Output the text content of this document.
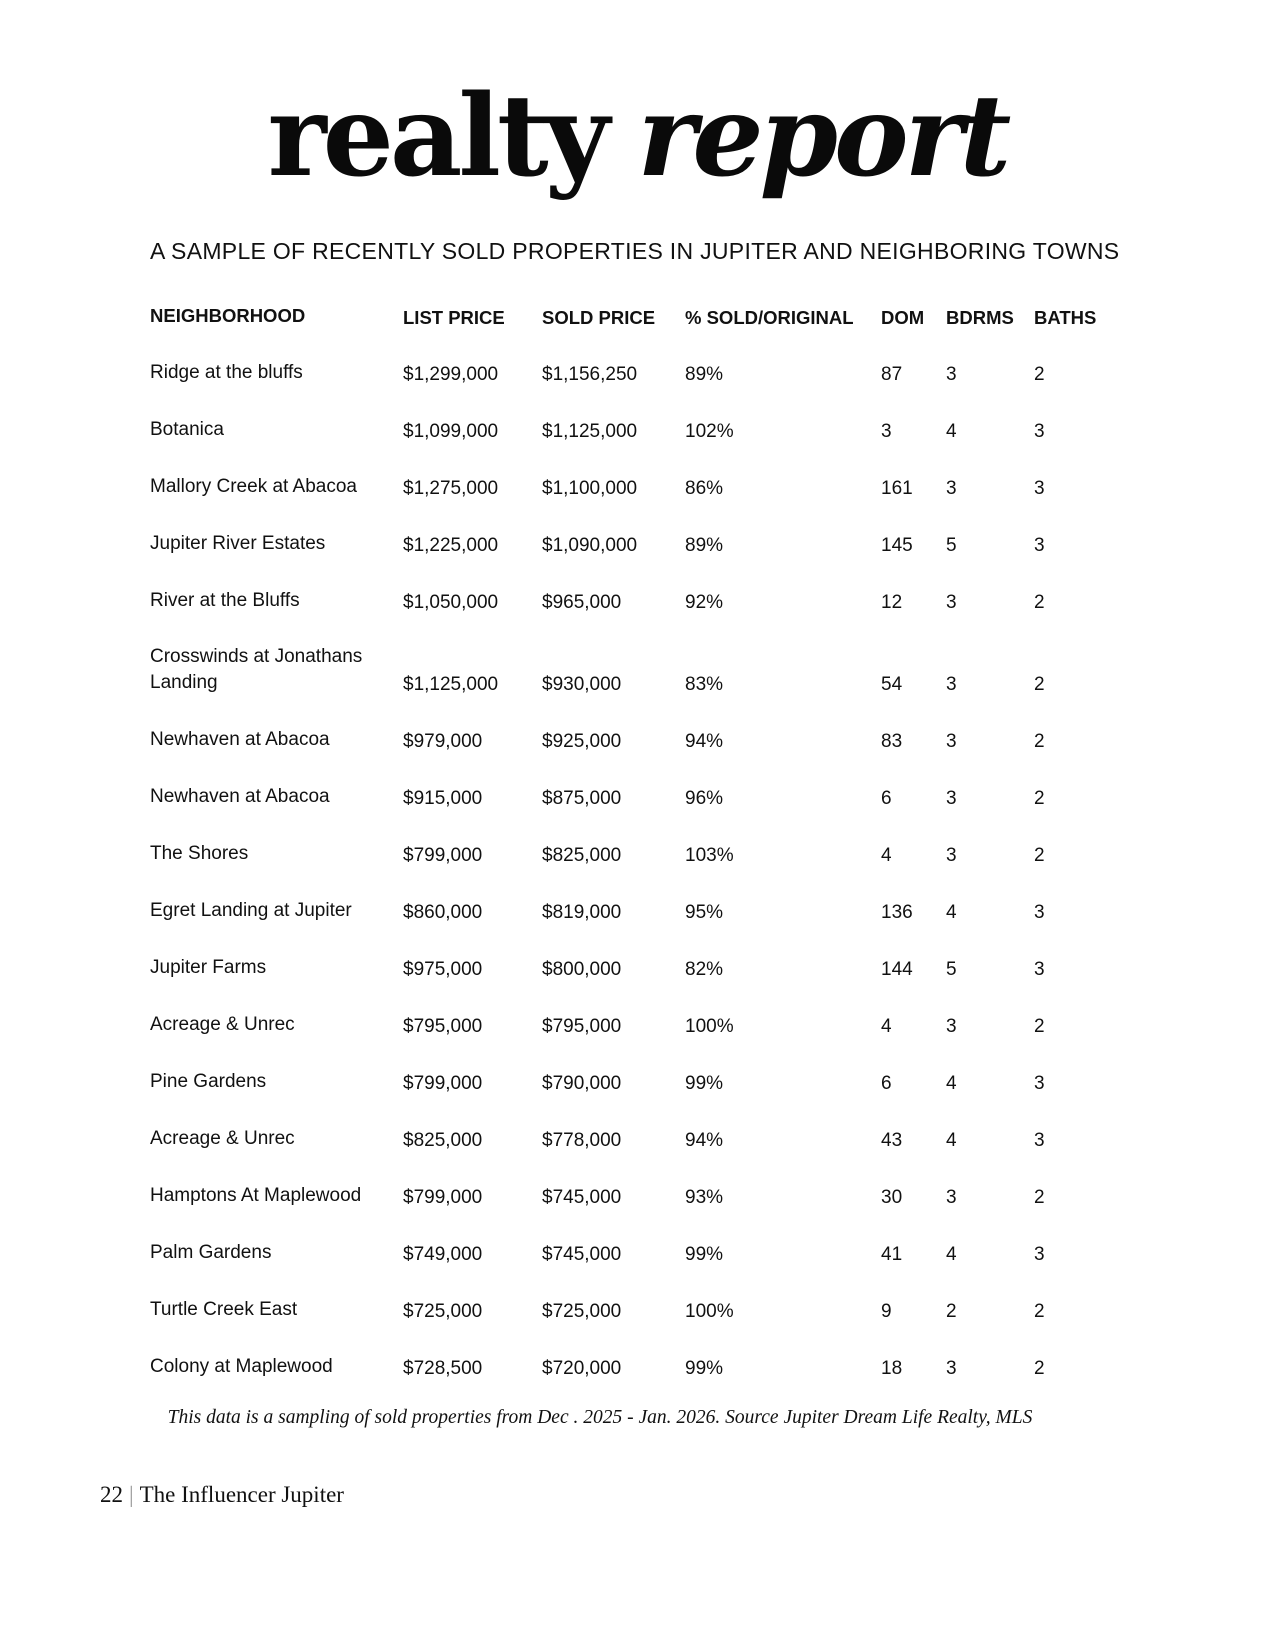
realty report
A SAMPLE OF RECENTLY SOLD PROPERTIES IN JUPITER AND NEIGHBORING TOWNS
NEIGHBORHOOD	LIST PRICE	SOLD PRICE	% SOLD/ORIGINAL	DOM	BDRMS	BATHS
Ridge at the bluffs	$1,299,000	$1,156,250	89%	87	3	2
Botanica	$1,099,000	$1,125,000	102%	3	4	3
Mallory Creek at Abacoa	$1,275,000	$1,100,000	86%	161	3	3
Jupiter River Estates	$1,225,000	$1,090,000	89%	145	5	3
River at the Bluffs	$1,050,000	$965,000	92%	12	3	2
Crosswinds at Jonathans Landing	$1,125,000	$930,000	83%	54	3	2
Newhaven at Abacoa	$979,000	$925,000	94%	83	3	2
Newhaven at Abacoa	$915,000	$875,000	96%	6	3	2
The Shores	$799,000	$825,000	103%	4	3	2
Egret Landing at Jupiter	$860,000	$819,000	95%	136	4	3
Jupiter Farms	$975,000	$800,000	82%	144	5	3
Acreage & Unrec	$795,000	$795,000	100%	4	3	2
Pine Gardens	$799,000	$790,000	99%	6	4	3
Acreage & Unrec	$825,000	$778,000	94%	43	4	3
Hamptons At Maplewood	$799,000	$745,000	93%	30	3	2
Palm Gardens	$749,000	$745,000	99%	41	4	3
Turtle Creek East	$725,000	$725,000	100%	9	2	2
Colony at Maplewood	$728,500	$720,000	99%	18	3	2
This data is a sampling of sold properties from Dec . 2025 - Jan. 2026. Source Jupiter Dream Life Realty, MLS
22 | The Influencer Jupiter
